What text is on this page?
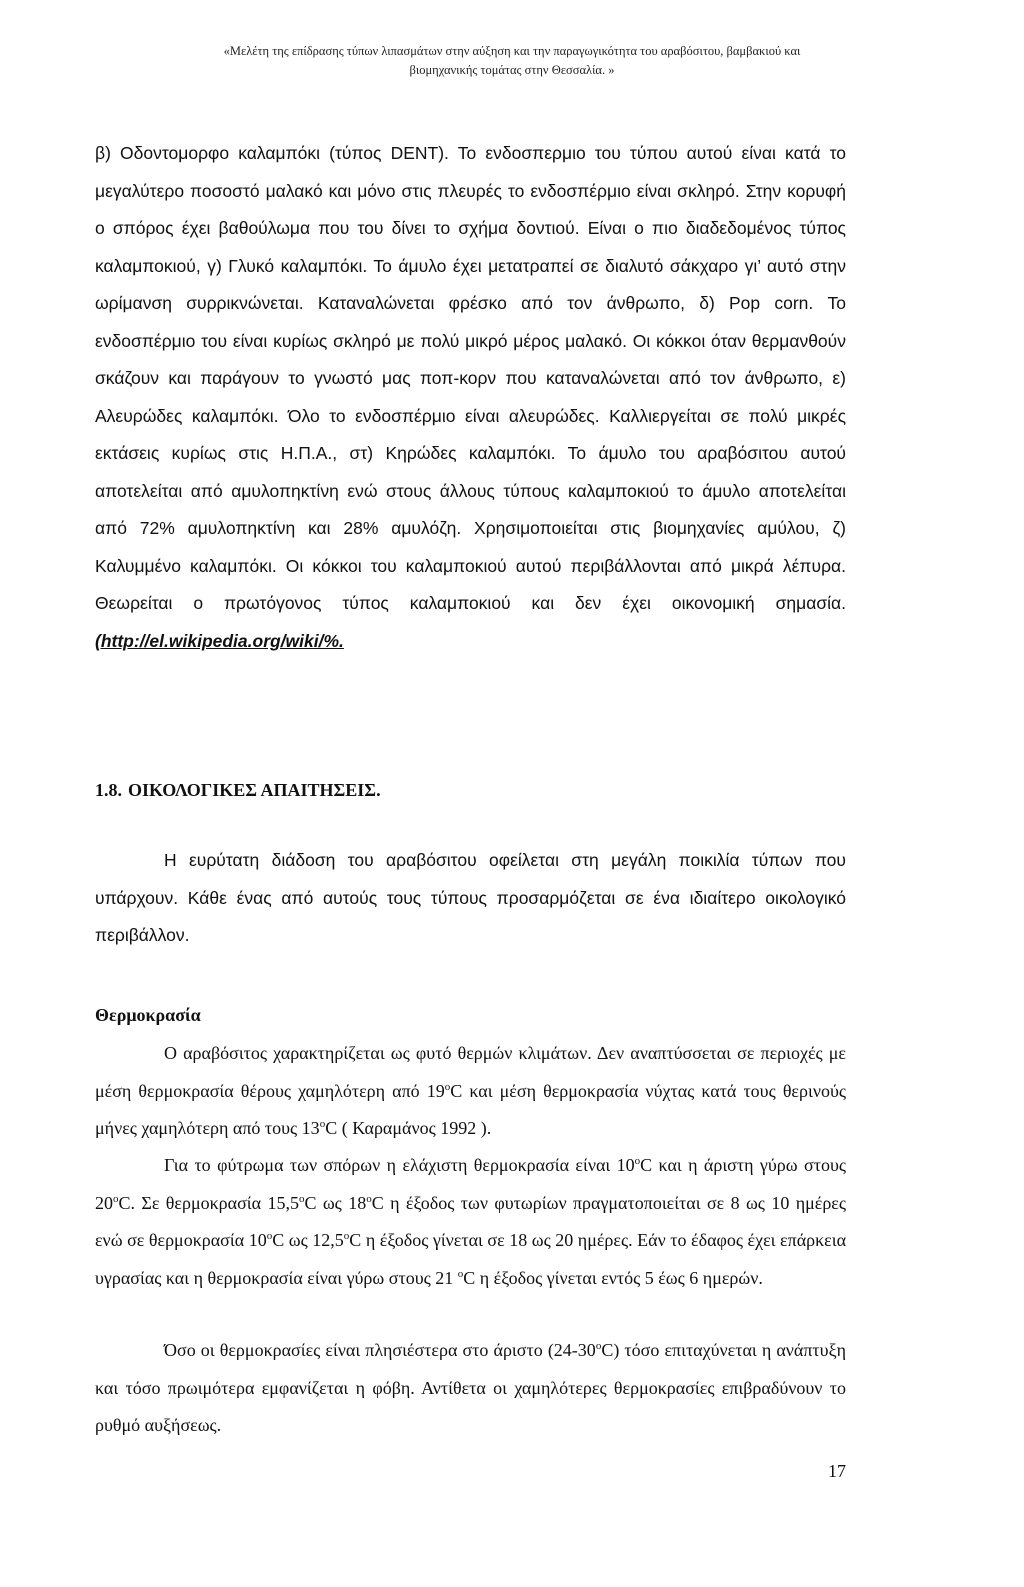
«Μελέτη της επίδρασης τύπων λιπασμάτων στην αύξηση και την παραγωγικότητα του αραβόσιτου, βαμβακιού και
βιομηχανικής τομάτας στην Θεσσαλία. »
β) Οδοντομορφο καλαμπόκι (τύπος DENT). Το ενδοσπερμιο του τύπου αυτού είναι κατά το μεγαλύτερο ποσοστό μαλακό και μόνο στις πλευρές το ενδοσπέρμιο είναι σκληρό. Στην κορυφή ο σπόρος έχει βαθούλωμα που του δίνει το σχήμα δοντιού. Είναι ο πιο διαδεδομένος τύπος καλαμποκιού, γ) Γλυκό καλαμπόκι. Το άμυλο έχει μετατραπεί σε διαλυτό σάκχαρο γι’ αυτό στην ωρίμανση συρρικνώνεται. Καταναλώνεται φρέσκο από τον άνθρωπο, δ) Pop corn. Το ενδοσπέρμιο του είναι κυρίως σκληρό με πολύ μικρό μέρος μαλακό. Οι κόκκοι όταν θερμανθούν σκάζουν και παράγουν το γνωστό μας ποπ-κορν που καταναλώνεται από τον άνθρωπο, ε) Αλευρώδες καλαμπόκι. Όλο το ενδοσπέρμιο είναι αλευρώδες. Καλλιεργείται σε πολύ μικρές εκτάσεις κυρίως στις Η.Π.Α., στ) Κηρώδες καλαμπόκι. Το άμυλο του αραβόσιτου αυτού αποτελείται από αμυλοπηκτίνη ενώ στους άλλους τύπους καλαμποκιού το άμυλο αποτελείται από 72% αμυλοπηκτίνη και 28% αμυλόζη. Χρησιμοποιείται στις βιομηχανίες αμύλου, ζ) Καλυμμένο καλαμπόκι. Οι κόκκοι του καλαμποκιού αυτού περιβάλλονται από μικρά λέπυρα. Θεωρείται ο πρωτόγονος τύπος καλαμποκιού και δεν έχει οικονομική σημασία. (http://el.wikipedia.org/wiki/%.
1.8. ΟΙΚΟΛΟΓΙΚΕΣ ΑΠΑΙΤΗΣΕΙΣ.
Η ευρύτατη διάδοση του αραβόσιτου οφείλεται στη μεγάλη ποικιλία τύπων που υπάρχουν. Κάθε ένας από αυτούς τους τύπους προσαρμόζεται σε ένα ιδιαίτερο οικολογικό περιβάλλον.
Θερμοκρασία
Ο αραβόσιτος χαρακτηρίζεται ως φυτό θερμών κλιμάτων. Δεν αναπτύσσεται σε περιοχές με μέση θερμοκρασία θέρους χαμηλότερη από 19$^o$C και μέση θερμοκρασία νύχτας κατά τους θερινούς μήνες χαμηλότερη από τους 13$^o$C ( Καραμάνος 1992 ).
Για το φύτρωμα των σπόρων η ελάχιστη θερμοκρασία είναι 10$^o$C και η άριστη γύρω στους 20$^o$C. Σε θερμοκρασία 15,5$^o$C ως 18$^o$C η έξοδος των φυτωρίων πραγματοποιείται σε 8 ως 10 ημέρες ενώ σε θερμοκρασία 10$^o$C ως 12,5$^o$C η έξοδος γίνεται σε 18 ως 20 ημέρες. Εάν το έδαφος έχει επάρκεια υγρασίας και η θερμοκρασία είναι γύρω στους 21 $^o$C η έξοδος γίνεται εντός 5 έως 6 ημερών.
Όσο οι θερμοκρασίες είναι πλησιέστερα στο άριστο (24-30$^o$C) τόσο επιταχύνεται η ανάπτυξη και τόσο πρωιμότερα εμφανίζεται η φόβη. Αντίθετα οι χαμηλότερες θερμοκρασίες επιβραδύνουν το ρυθμό αυξήσεως.
17
